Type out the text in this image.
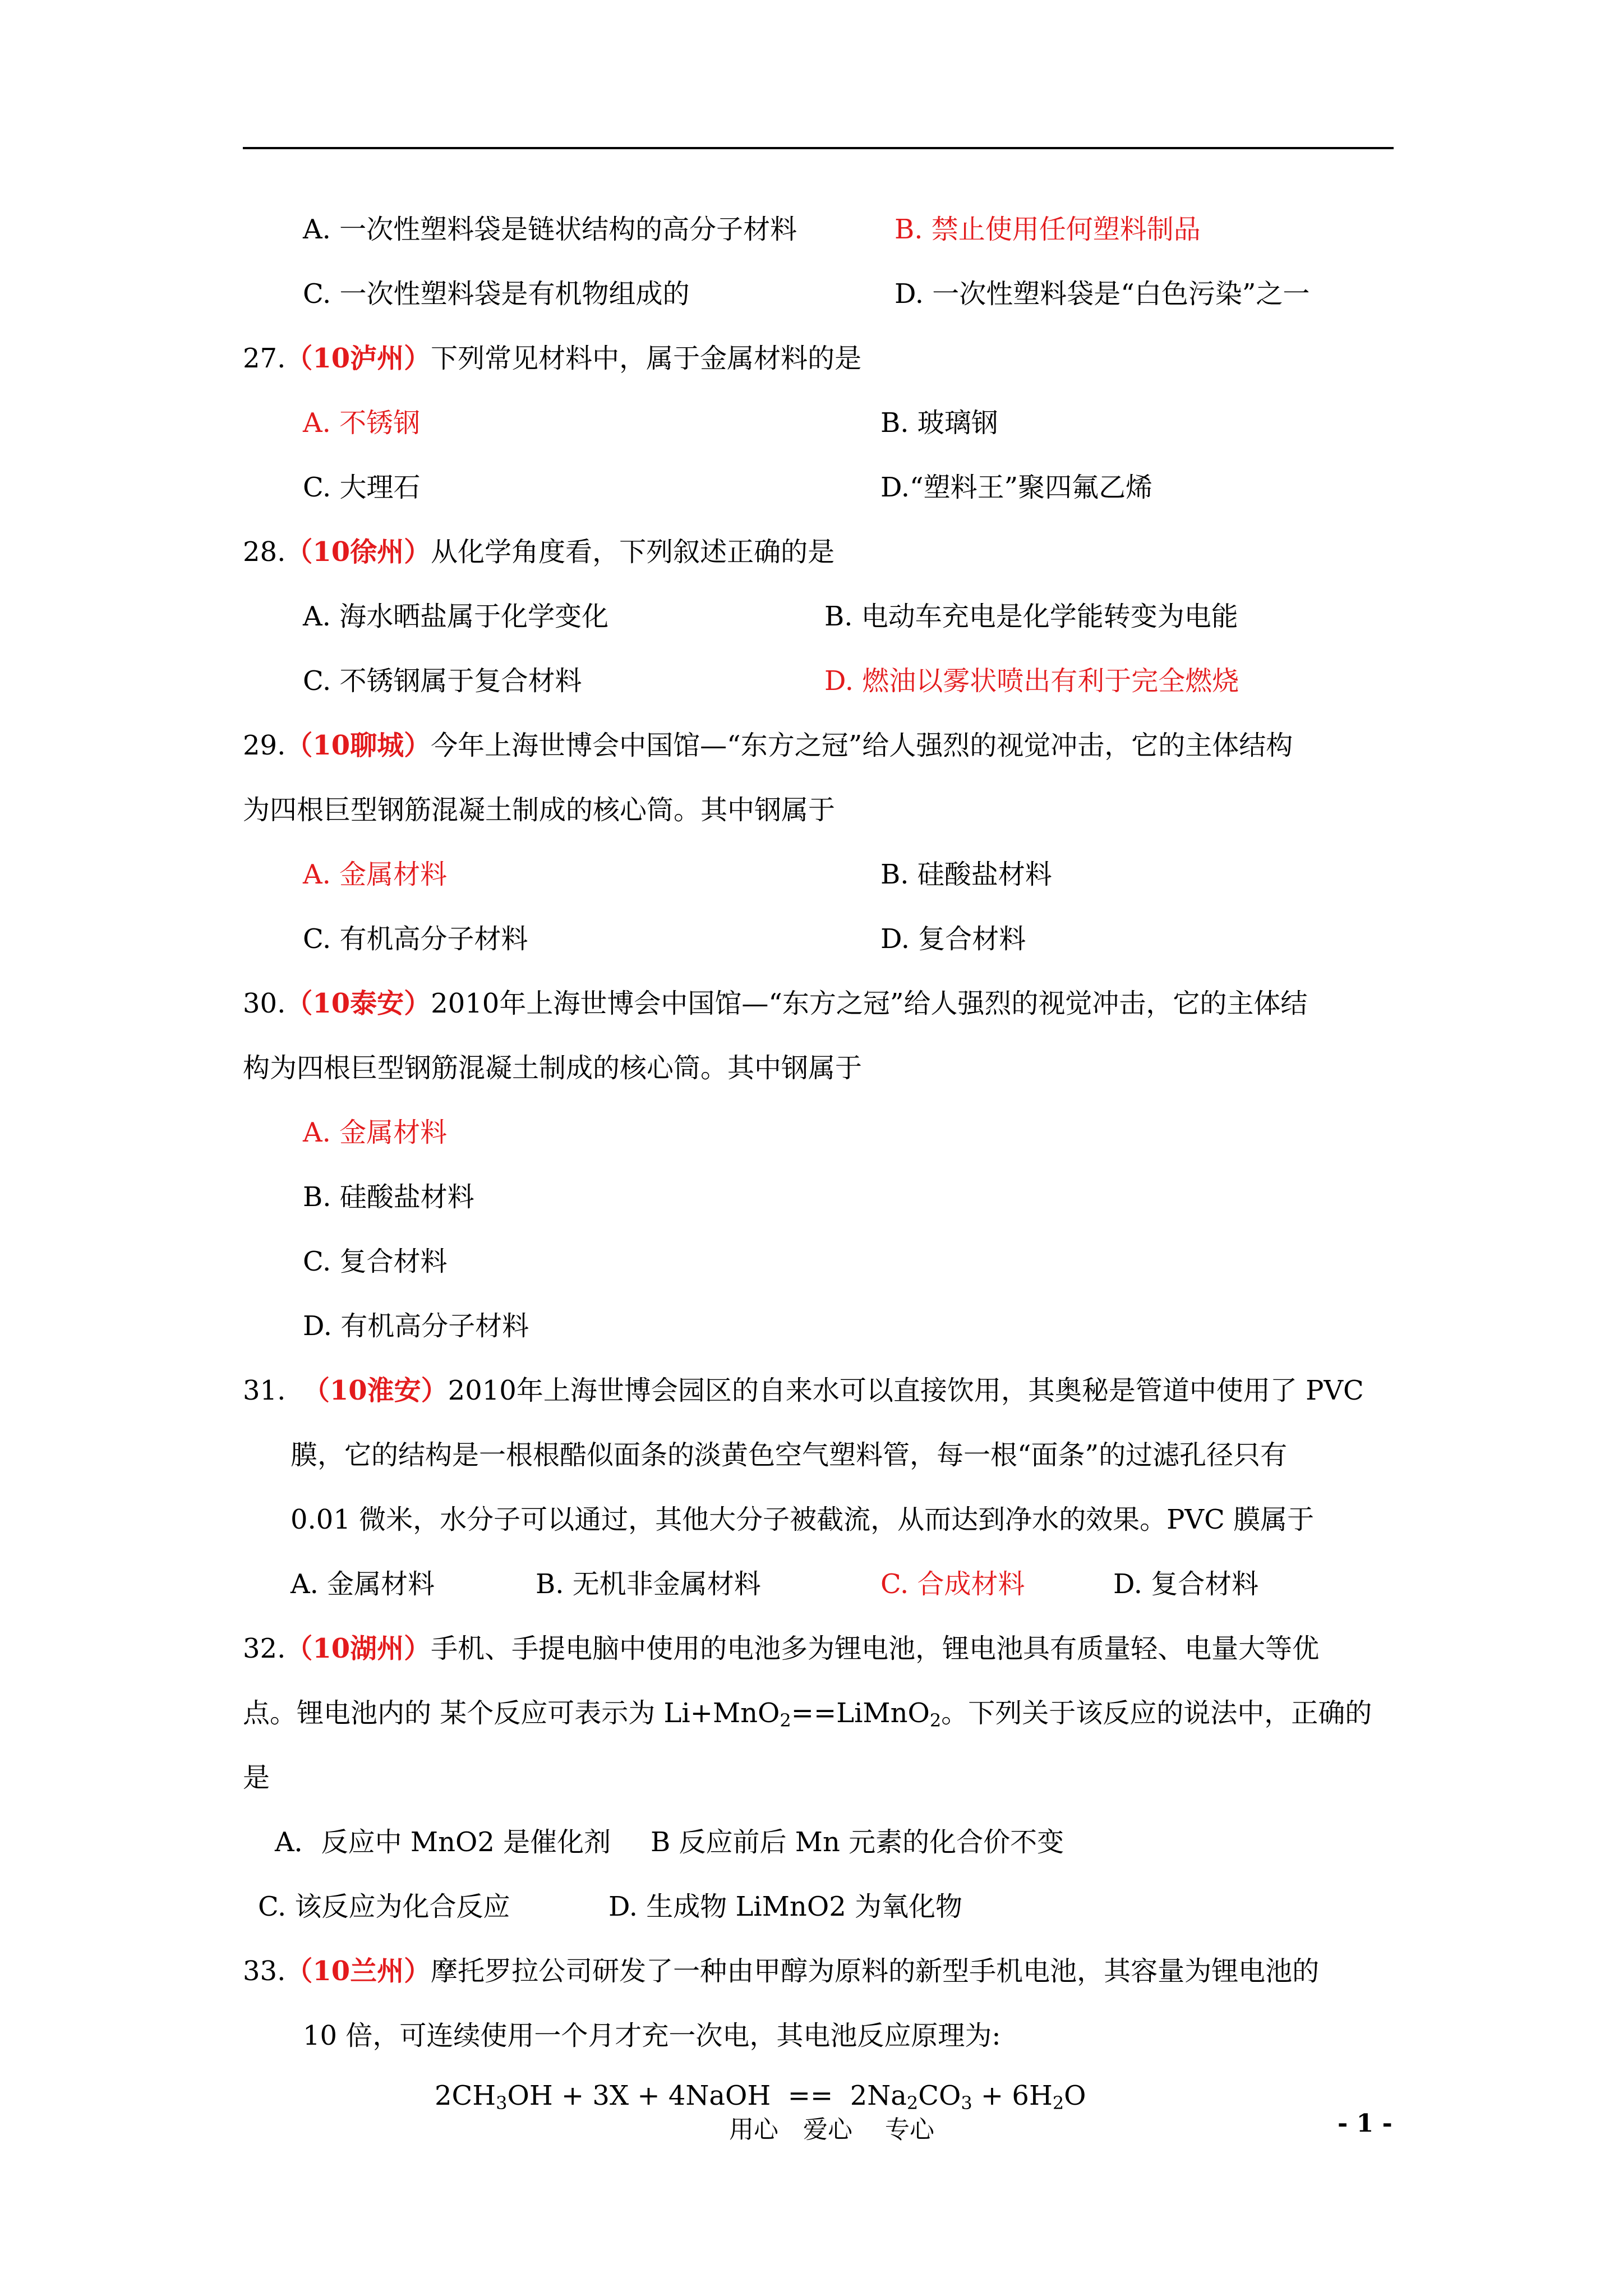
A. 一次性塑料袋是链状结构的高分子材料	B. 禁止使用任何塑料制品
C. 一次性塑料袋是有机物组成的	D. 一次性塑料袋是“白色污染”之一
27.（10泸州）下列常见材料中，属于金属材料的是
A. 不锈钢	B. 玻璃钢
C. 大理石	D.“塑料王”聚四氟乙烯
28.（10徐州）从化学角度看，下列叙述正确的是
A. 海水晒盐属于化学变化	B. 电动车充电是化学能转变为电能
C. 不锈钢属于复合材料	D. 燃油以雾状喷出有利于完全燃烧
29.（10聊城）今年上海世博会中国馆—“东方之冠”给人强烈的视觉冲击，它的主体结构
为四根巨型钢筋混凝土制成的核心筒。其中钢属于
A. 金属材料	B. 硅酸盐材料
C. 有机高分子材料	D. 复合材料
30.（10泰安）2010年上海世博会中国馆—“东方之冠”给人强烈的视觉冲击，它的主体结
构为四根巨型钢筋混凝土制成的核心筒。其中钢属于
A. 金属材料
B. 硅酸盐材料
C. 复合材料
D. 有机高分子材料
31. （10淮安）2010年上海世博会园区的自来水可以直接饮用，其奥秘是管道中使用了 PVC
膜，它的结构是一根根酷似面条的淡黄色空气塑料管，每一根“面条”的过滤孔径只有
0.01 微米，水分子可以通过，其他大分子被截流，从而达到净水的效果。PVC 膜属于
A. 金属材料	B. 无机非金属材料	C. 合成材料	D. 复合材料
32.（10湖州）手机、手提电脑中使用的电池多为锂电池，锂电池具有质量轻、电量大等优
点。锂电池内的 某个反应可表示为 Li+MnO$_2$==LiMnO$_2$。下列关于该反应的说法中，正确的
是
A．反应中 MnO2 是催化剂 B 反应前后 Mn 元素的化合价不变
C. 该反应为化合反应	D. 生成物 LiMnO2 为氧化物
33.（10兰州）摩托罗拉公司研发了一种由甲醇为原料的新型手机电池，其容量为锂电池的
10 倍，可连续使用一个月才充一次电，其电池反应原理为:
$2CH_3OH + 3X$ + 4NaOH  ==  $2Na_2CO_3 + 6H_2O$
用心　爱心　 专心	- 1 -
